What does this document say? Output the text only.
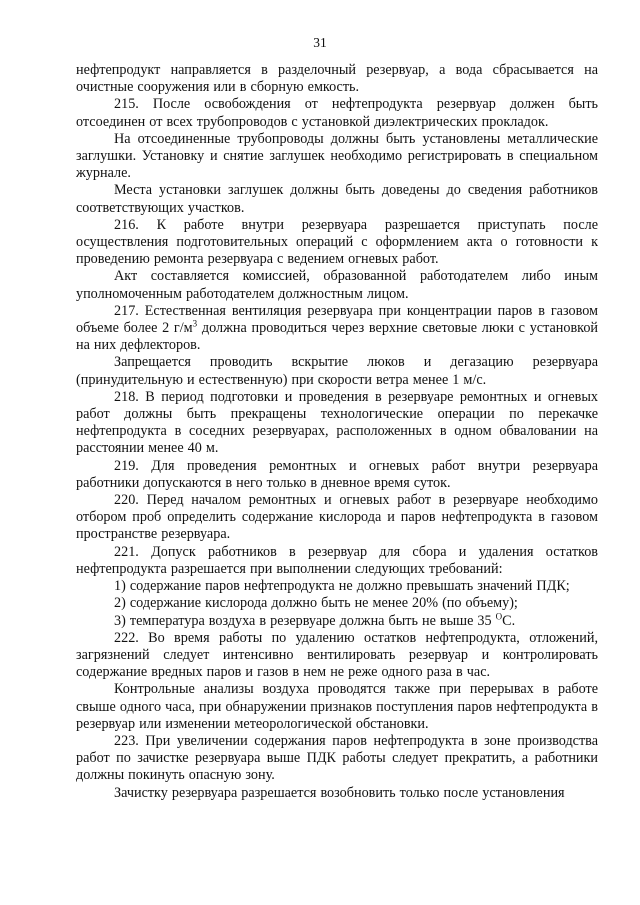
31

нефтепродукт направляется в разделочный резервуар, а вода сбрасывается на очистные сооружения или в сборную емкость.

215. После освобождения от нефтепродукта резервуар должен быть отсоединен от всех трубопроводов с установкой диэлектрических прокладок.

На отсоединенные трубопроводы должны быть установлены металлические заглушки. Установку и снятие заглушек необходимо регистрировать в специальном журнале.

Места установки заглушек должны быть доведены до сведения работников соответствующих участков.

216. К работе внутри резервуара разрешается приступать после осуществления подготовительных операций с оформлением акта о готовности к проведению ремонта резервуара с ведением огневых работ.

Акт составляется комиссией, образованной работодателем либо иным уполномоченным работодателем должностным лицом.

217. Естественная вентиляция резервуара при концентрации паров в газовом объеме более 2 $г/м^3$ должна проводиться через верхние световые люки с установкой на них дефлекторов.

Запрещается проводить вскрытие люков и дегазацию резервуара (принудительную и естественную) при скорости ветра менее 1 м/с.

218. В период подготовки и проведения в резервуаре ремонтных и огневых работ должны быть прекращены технологические операции по перекачке нефтепродукта в соседних резервуарах, расположенных в одном обваловании на расстоянии менее 40 м.

219. Для проведения ремонтных и огневых работ внутри резервуара работники допускаются в него только в дневное время суток.

220. Перед началом ремонтных и огневых работ в резервуаре необходимо отбором проб определить содержание кислорода и паров нефтепродукта в газовом пространстве резервуара.

221. Допуск работников в резервуар для сбора и удаления остатков нефтепродукта разрешается при выполнении следующих требований:

1) содержание паров нефтепродукта не должно превышать значений ПДК;

2) содержание кислорода должно быть не менее 20% (по объему);

3) температура воздуха в резервуаре должна быть не выше 35 $^О$С.

222. Во время работы по удалению остатков нефтепродукта, отложений, загрязнений следует интенсивно вентилировать резервуар и контролировать содержание вредных паров и газов в нем не реже одного раза в час.

Контрольные анализы воздуха проводятся также при перерывах в работе свыше одного часа, при обнаружении признаков поступления паров нефтепродукта в резервуар или изменении метеорологической обстановки.

223. При увеличении содержания паров нефтепродукта в зоне производства работ по зачистке резервуара выше ПДК работы следует прекратить, а работники должны покинуть опасную зону.

Зачистку резервуара разрешается возобновить только после установления
